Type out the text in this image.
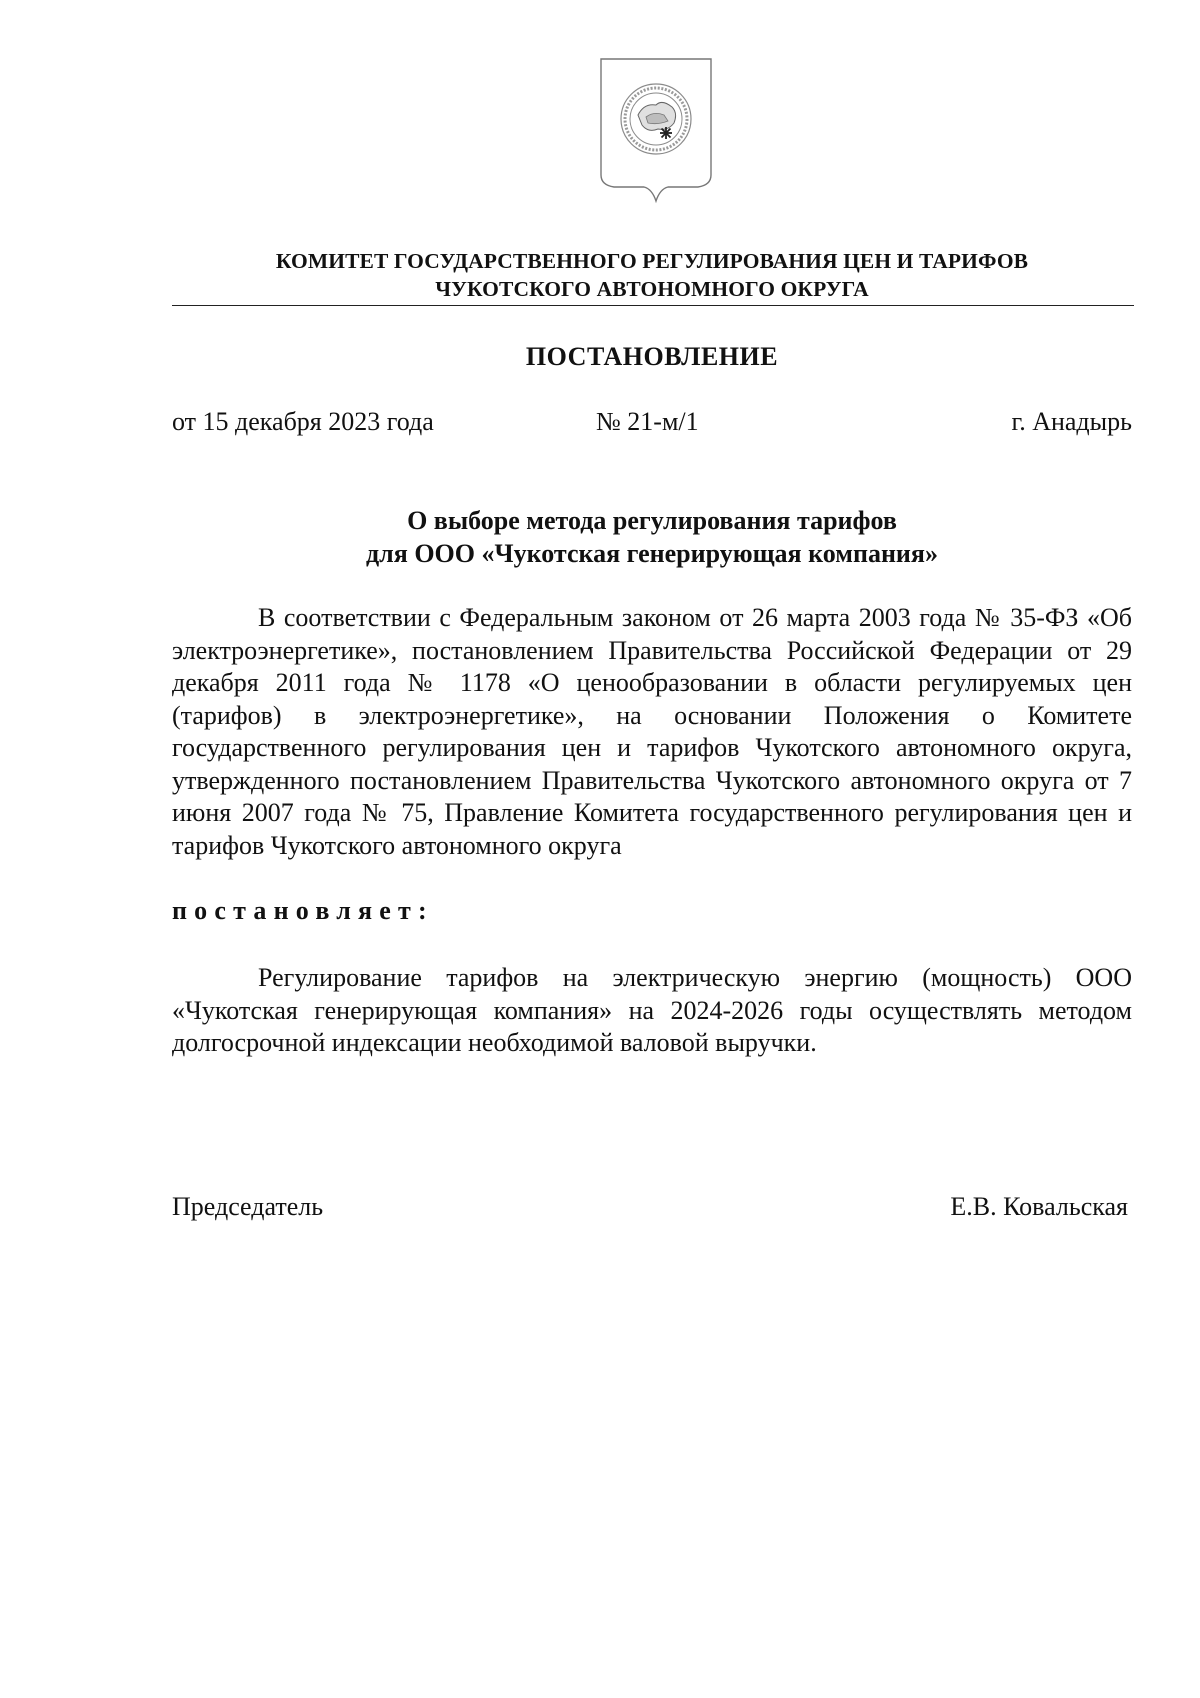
КОМИТЕТ ГОСУДАРСТВЕННОГО РЕГУЛИРОВАНИЯ ЦЕН И ТАРИФОВ
ЧУКОТСКОГО АВТОНОМНОГО ОКРУГА
ПОСТАНОВЛЕНИЕ
от 15 декабря 2023 года	№ 21-м/1	г. Анадырь
О выборе метода регулирования тарифов
для ООО «Чукотская генерирующая компания»

В соответствии с Федеральным законом от 26 марта 2003 года № 35-ФЗ «Об электроэнергетике», постановлением Правительства Российской Федерации от 29 декабря 2011 года № 1178 «О ценообразовании в области регулируемых цен (тарифов) в электроэнергетике», на основании Положения о Комитете государственного регулирования цен и тарифов Чукотского автономного округа, утвержденного постановлением Правительства Чукотского автономного округа от 7 июня 2007 года № 75, Правление Комитета государственного регулирования цен и тарифов Чукотского автономного округа

постановляет:

Регулирование тарифов на электрическую энергию (мощность) ООО «Чукотская генерирующая компания» на 2024-2026 годы осуществлять методом долгосрочной индексации необходимой валовой выручки.

Председатель	Е.В. Ковальская
